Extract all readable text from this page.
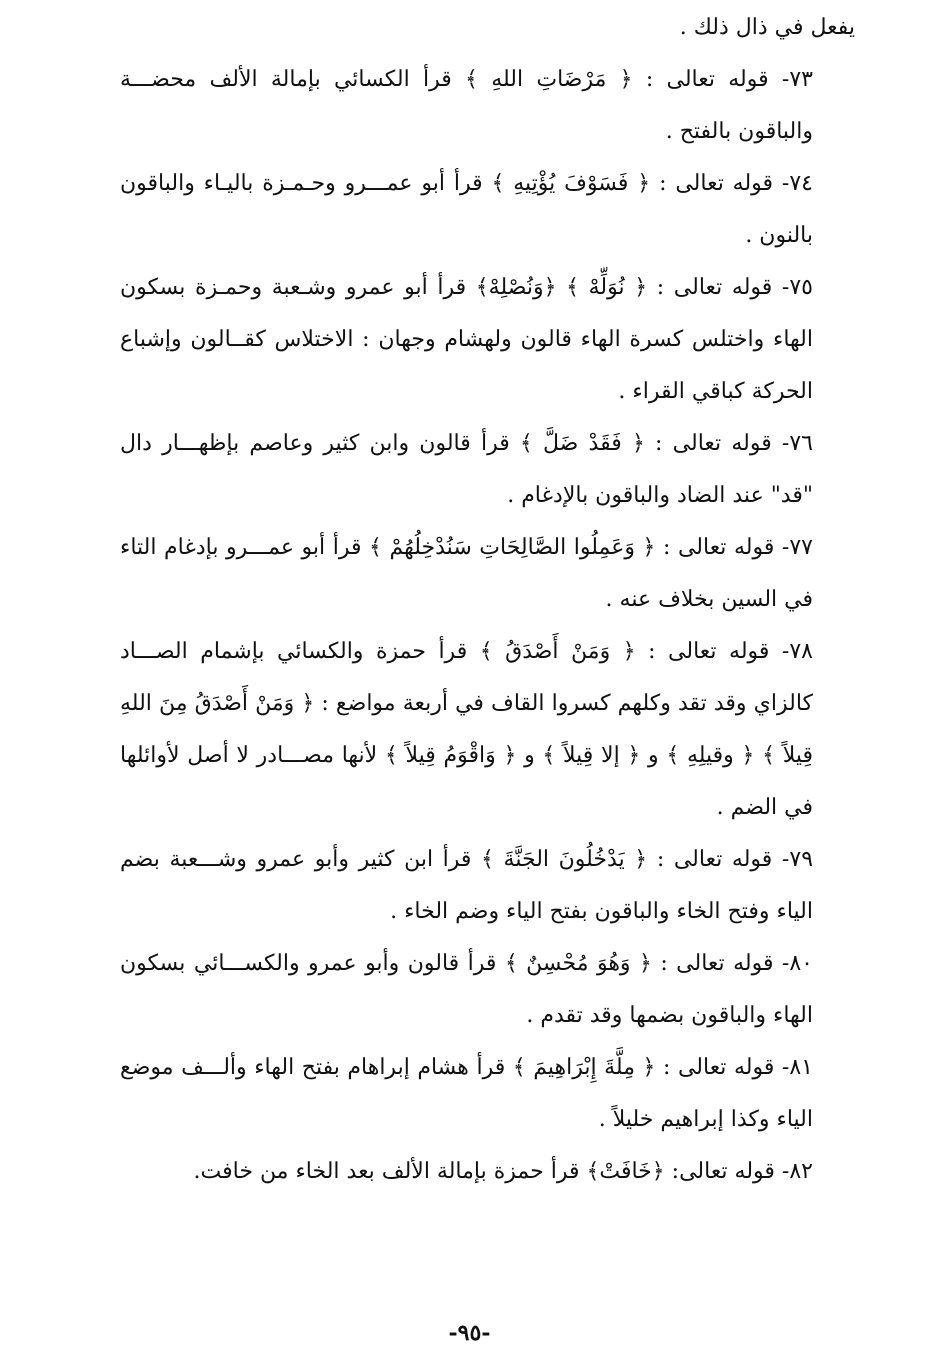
يفعل في ذال ذلك .

٧٣- قوله تعالى : ﴿ مَرْضَاتِ اللهِ ﴾ قرأ الكسائي بإمالة الألف محضـــة والباقون بالفتح .

٧٤- قوله تعالى : ﴿ فَسَوْفَ يُؤْتِيهِ ﴾ قرأ أبو عمـــرو وحـمـزة باليـاء والباقون بالنون .

٧٥- قوله تعالى : ﴿ نُوَلِّهْ ﴾ ﴿وَنُصْلِهْ﴾ قرأ أبو عمرو وشـعبة وحمـزة بسكون الهاء واختلس كسرة الهاء قالون ولهشام وجهان : الاختلاس كقــالون وإشباع الحركة كباقي القراء .

٧٦- قوله تعالى : ﴿ فَقَدْ ضَلَّ ﴾ قرأ قالون وابن كثير وعاصم بإظهـــار دال "قد" عند الضاد والباقون بالإدغام .

٧٧- قوله تعالى : ﴿ وَعَمِلُوا الصَّالِحَاتِ سَنُدْخِلُهُمْ ﴾ قرأ أبو عمـــرو بإدغام التاء في السين بخلاف عنه .

٧٨- قوله تعالى : ﴿ وَمَنْ أَصْدَقُ ﴾ قرأ حمزة والكسائي بإشمام الصـــاد كالزاي وقد تقد وكلهم كسروا القاف في أربعة مواضع : ﴿ وَمَنْ أَصْدَقُ مِنَ اللهِ قِيلاً ﴾ ﴿ وقيلِهِ ﴾ و ﴿ إلا قِيلاً ﴾ و ﴿ وَاقْوَمُ قِيلاً ﴾ لأنها مصـــادر لا أصل لأوائلها في الضم .

٧٩- قوله تعالى : ﴿ يَدْخُلُونَ الجَنَّةَ ﴾ قرأ ابن كثير وأبو عمرو وشـــعبة بضم الياء وفتح الخاء والباقون بفتح الياء وضم الخاء .

٨٠- قوله تعالى : ﴿ وَهُوَ مُحْسِنٌ ﴾ قرأ قالون وأبو عمرو والكســـائي بسكون الهاء والباقون بضمها وقد تقدم .

٨١- قوله تعالى : ﴿ مِلَّةَ إِبْرَاهِيمَ ﴾ قرأ هشام إبراهام بفتح الهاء وألـــف موضع الياء وكذا إبراهيم خليلاً .

٨٢- قوله تعالى: ﴿خَافَتْ﴾ قرأ حمزة بإمالة الألف بعد الخاء من خافت.

-٩٥-
